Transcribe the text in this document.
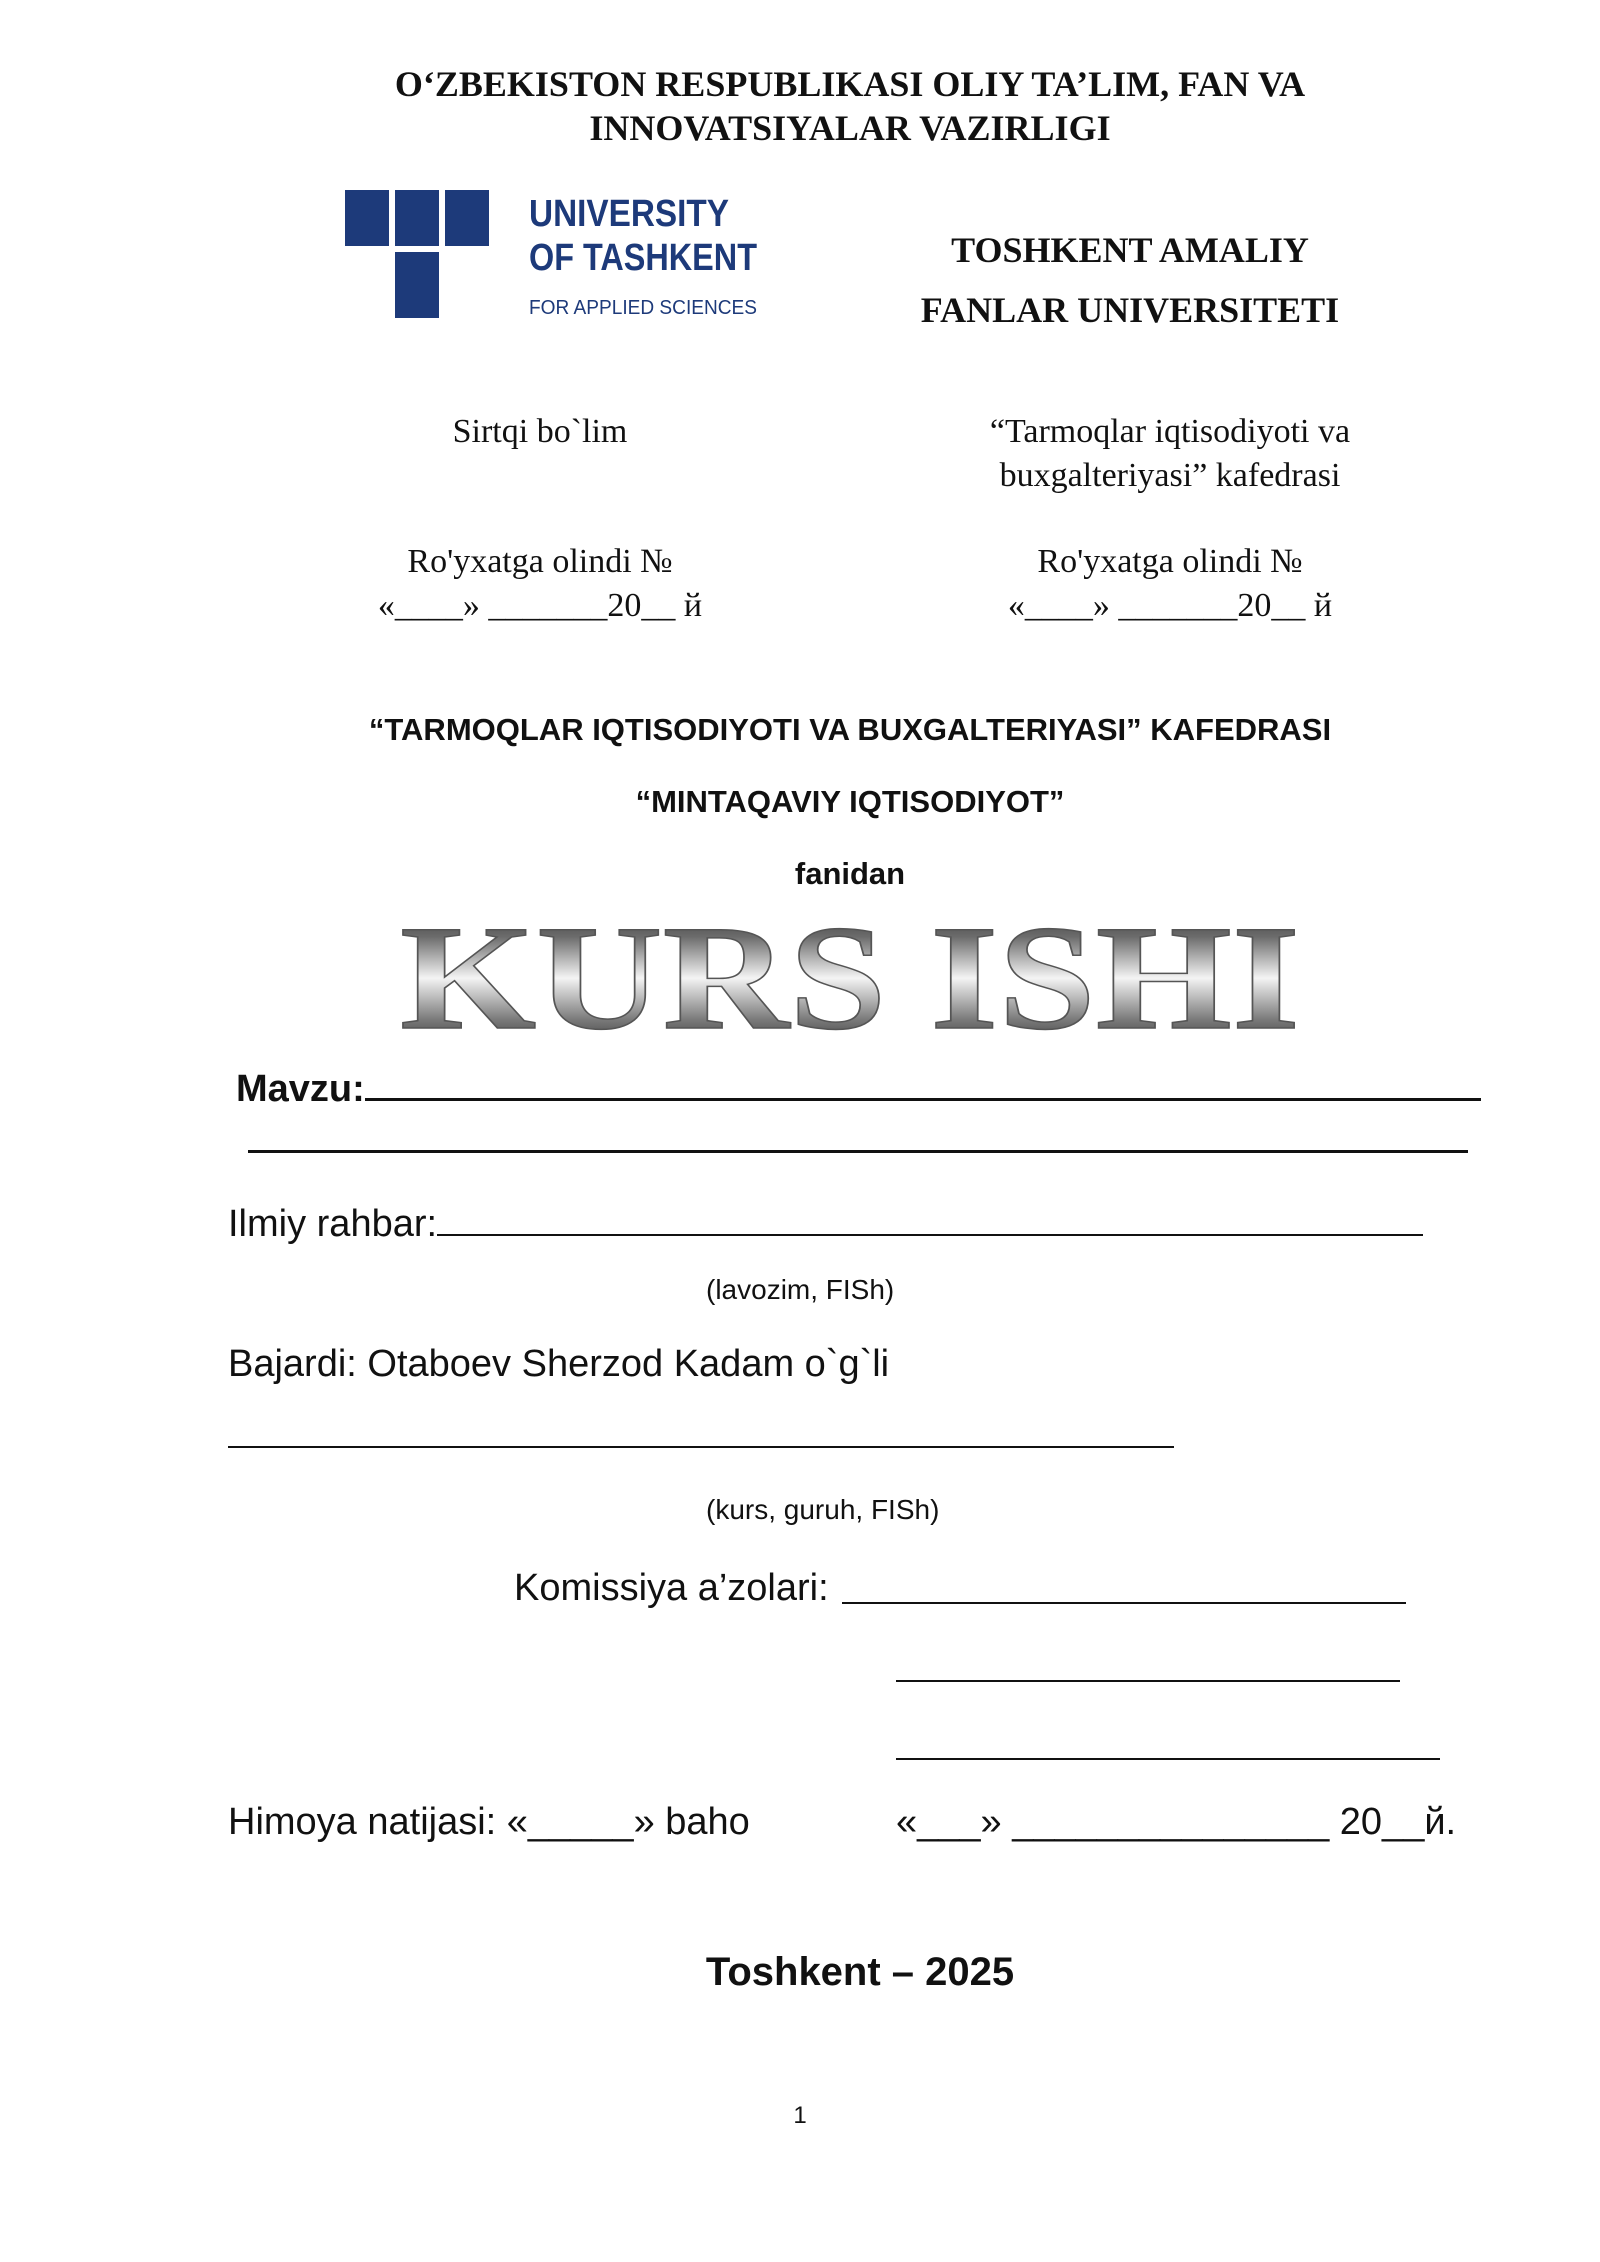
O‘ZBEKISTON RESPUBLIKASI OLIY TA’LIM, FAN VA
INNOVATSIYALAR VAZIRLIGI
UNIVERSITY
OF TASHKENT
FOR APPLIED SCIENCES
TOSHKENT AMALIY
FANLAR UNIVERSITETI
Sirtqi bo`lim	“Tarmoqlar iqtisodiyoti va
buxgalteriyasi” kafedrasi
Ro'yxatga olindi №
«____» _______20__ й
Ro'yxatga olindi №
«____» _______20__ й
“TARMOQLAR IQTISODIYOTI VA BUXGALTERIYASI” KAFEDRASI
“MINTAQAVIY IQTISODIYOT”
fanidan
KURS ISHI
Mavzu:
Ilmiy rahbar:
(lavozim, FISh)
Bajardi: Otaboev Sherzod Kadam o`g`li
(kurs, guruh, FISh)
Komissiya a’zolari:
Himoya natijasi: «_____» baho	«___» _______________ 20__й.
Toshkent – 2025
1
